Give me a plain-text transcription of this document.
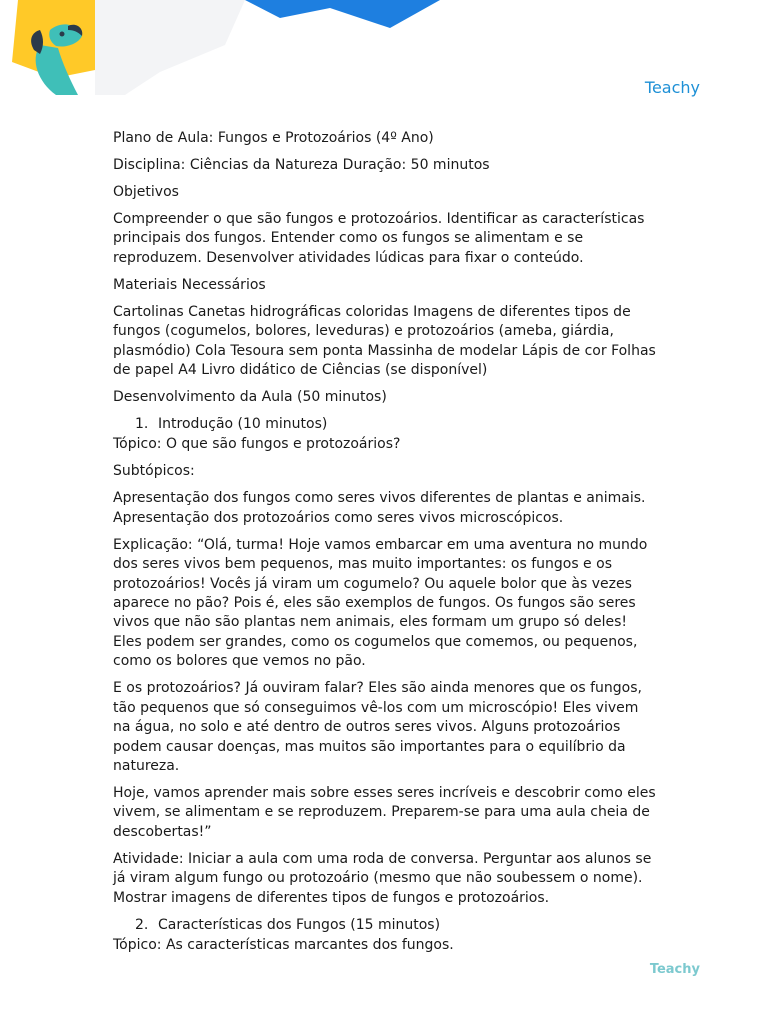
Teachy

Plano de Aula: Fungos e Protozoários (4º Ano)

Disciplina: Ciências da Natureza Duração: 50 minutos

Objetivos

Compreender o que são fungos e protozoários. Identificar as características principais dos fungos. Entender como os fungos se alimentam e se reproduzem. Desenvolver atividades lúdicas para fixar o conteúdo.

Materiais Necessários

Cartolinas Canetas hidrográficas coloridas Imagens de diferentes tipos de fungos (cogumelos, bolores, leveduras) e protozoários (ameba, giárdia, plasmódio) Cola Tesoura sem ponta Massinha de modelar Lápis de cor Folhas de papel A4 Livro didático de Ciências (se disponível)

Desenvolvimento da Aula (50 minutos)

1. Introdução (10 minutos)

Tópico: O que são fungos e protozoários?

Subtópicos:

Apresentação dos fungos como seres vivos diferentes de plantas e animais. Apresentação dos protozoários como seres vivos microscópicos.

Explicação: “Olá, turma! Hoje vamos embarcar em uma aventura no mundo dos seres vivos bem pequenos, mas muito importantes: os fungos e os protozoários! Vocês já viram um cogumelo? Ou aquele bolor que às vezes aparece no pão? Pois é, eles são exemplos de fungos. Os fungos são seres vivos que não são plantas nem animais, eles formam um grupo só deles! Eles podem ser grandes, como os cogumelos que comemos, ou pequenos, como os bolores que vemos no pão.

E os protozoários? Já ouviram falar? Eles são ainda menores que os fungos, tão pequenos que só conseguimos vê-los com um microscópio! Eles vivem na água, no solo e até dentro de outros seres vivos. Alguns protozoários podem causar doenças, mas muitos são importantes para o equilíbrio da natureza.

Hoje, vamos aprender mais sobre esses seres incríveis e descobrir como eles vivem, se alimentam e se reproduzem. Preparem-se para uma aula cheia de descobertas!”

Atividade: Iniciar a aula com uma roda de conversa. Perguntar aos alunos se já viram algum fungo ou protozoário (mesmo que não soubessem o nome). Mostrar imagens de diferentes tipos de fungos e protozoários.

2. Características dos Fungos (15 minutos)

Tópico: As características marcantes dos fungos.

Teachy
